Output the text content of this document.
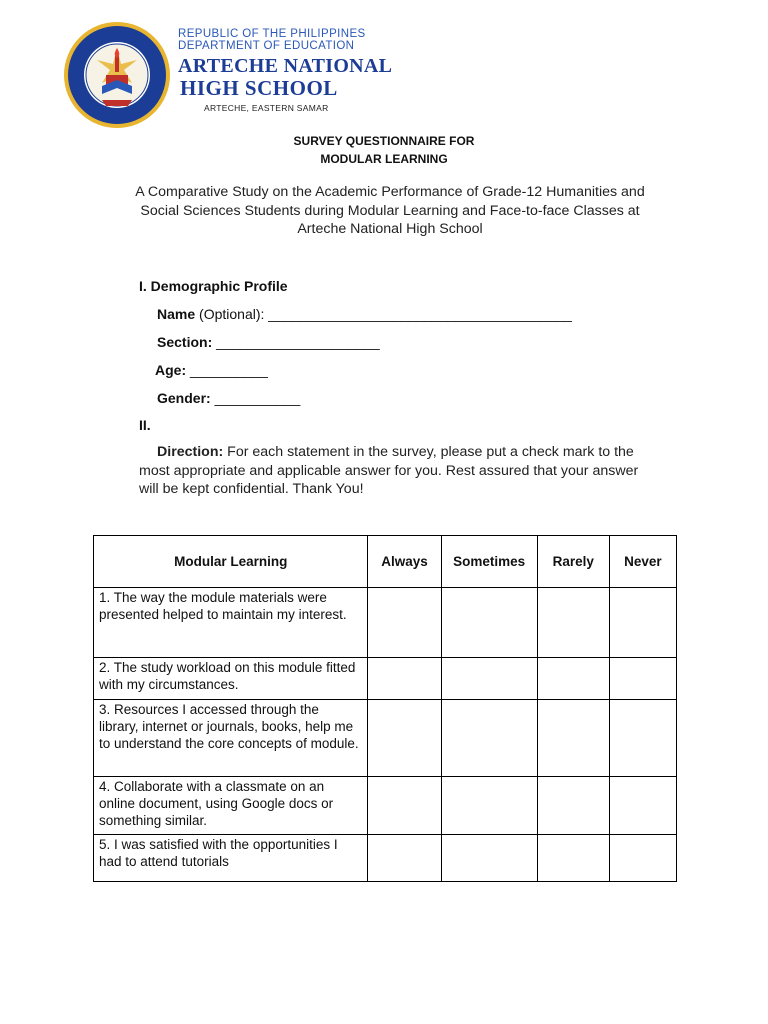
REPUBLIC OF THE PHILIPPINES
DEPARTMENT OF EDUCATION
ARTECHE NATIONAL
HIGH SCHOOL
ARTECHE, EASTERN SAMAR
SURVEY QUESTIONNAIRE FOR
MODULAR LEARNING
A Comparative Study on the Academic Performance of Grade-12 Humanities and Social Sciences Students during Modular Learning and Face-to-face Classes at Arteche National High School
I. Demographic Profile
Name (Optional): _______________________________________
Section: _____________________
Age: __________
Gender: ___________
II.
Direction: For each statement in the survey, please put a check mark to the most appropriate and applicable answer for you. Rest assured that your answer will be kept confidential. Thank You!
Modular Learning	Always	Sometimes	Rarely	Never
1. The way the module materials were presented helped to maintain my interest.				
2. The study workload on this module fitted with my circumstances.				
3. Resources I accessed through the library, internet or journals, books, help me to understand the core concepts of module.				
4. Collaborate with a classmate on an online document, using Google docs or something similar.				
5. I was satisfied with the opportunities I had to attend tutorials				
